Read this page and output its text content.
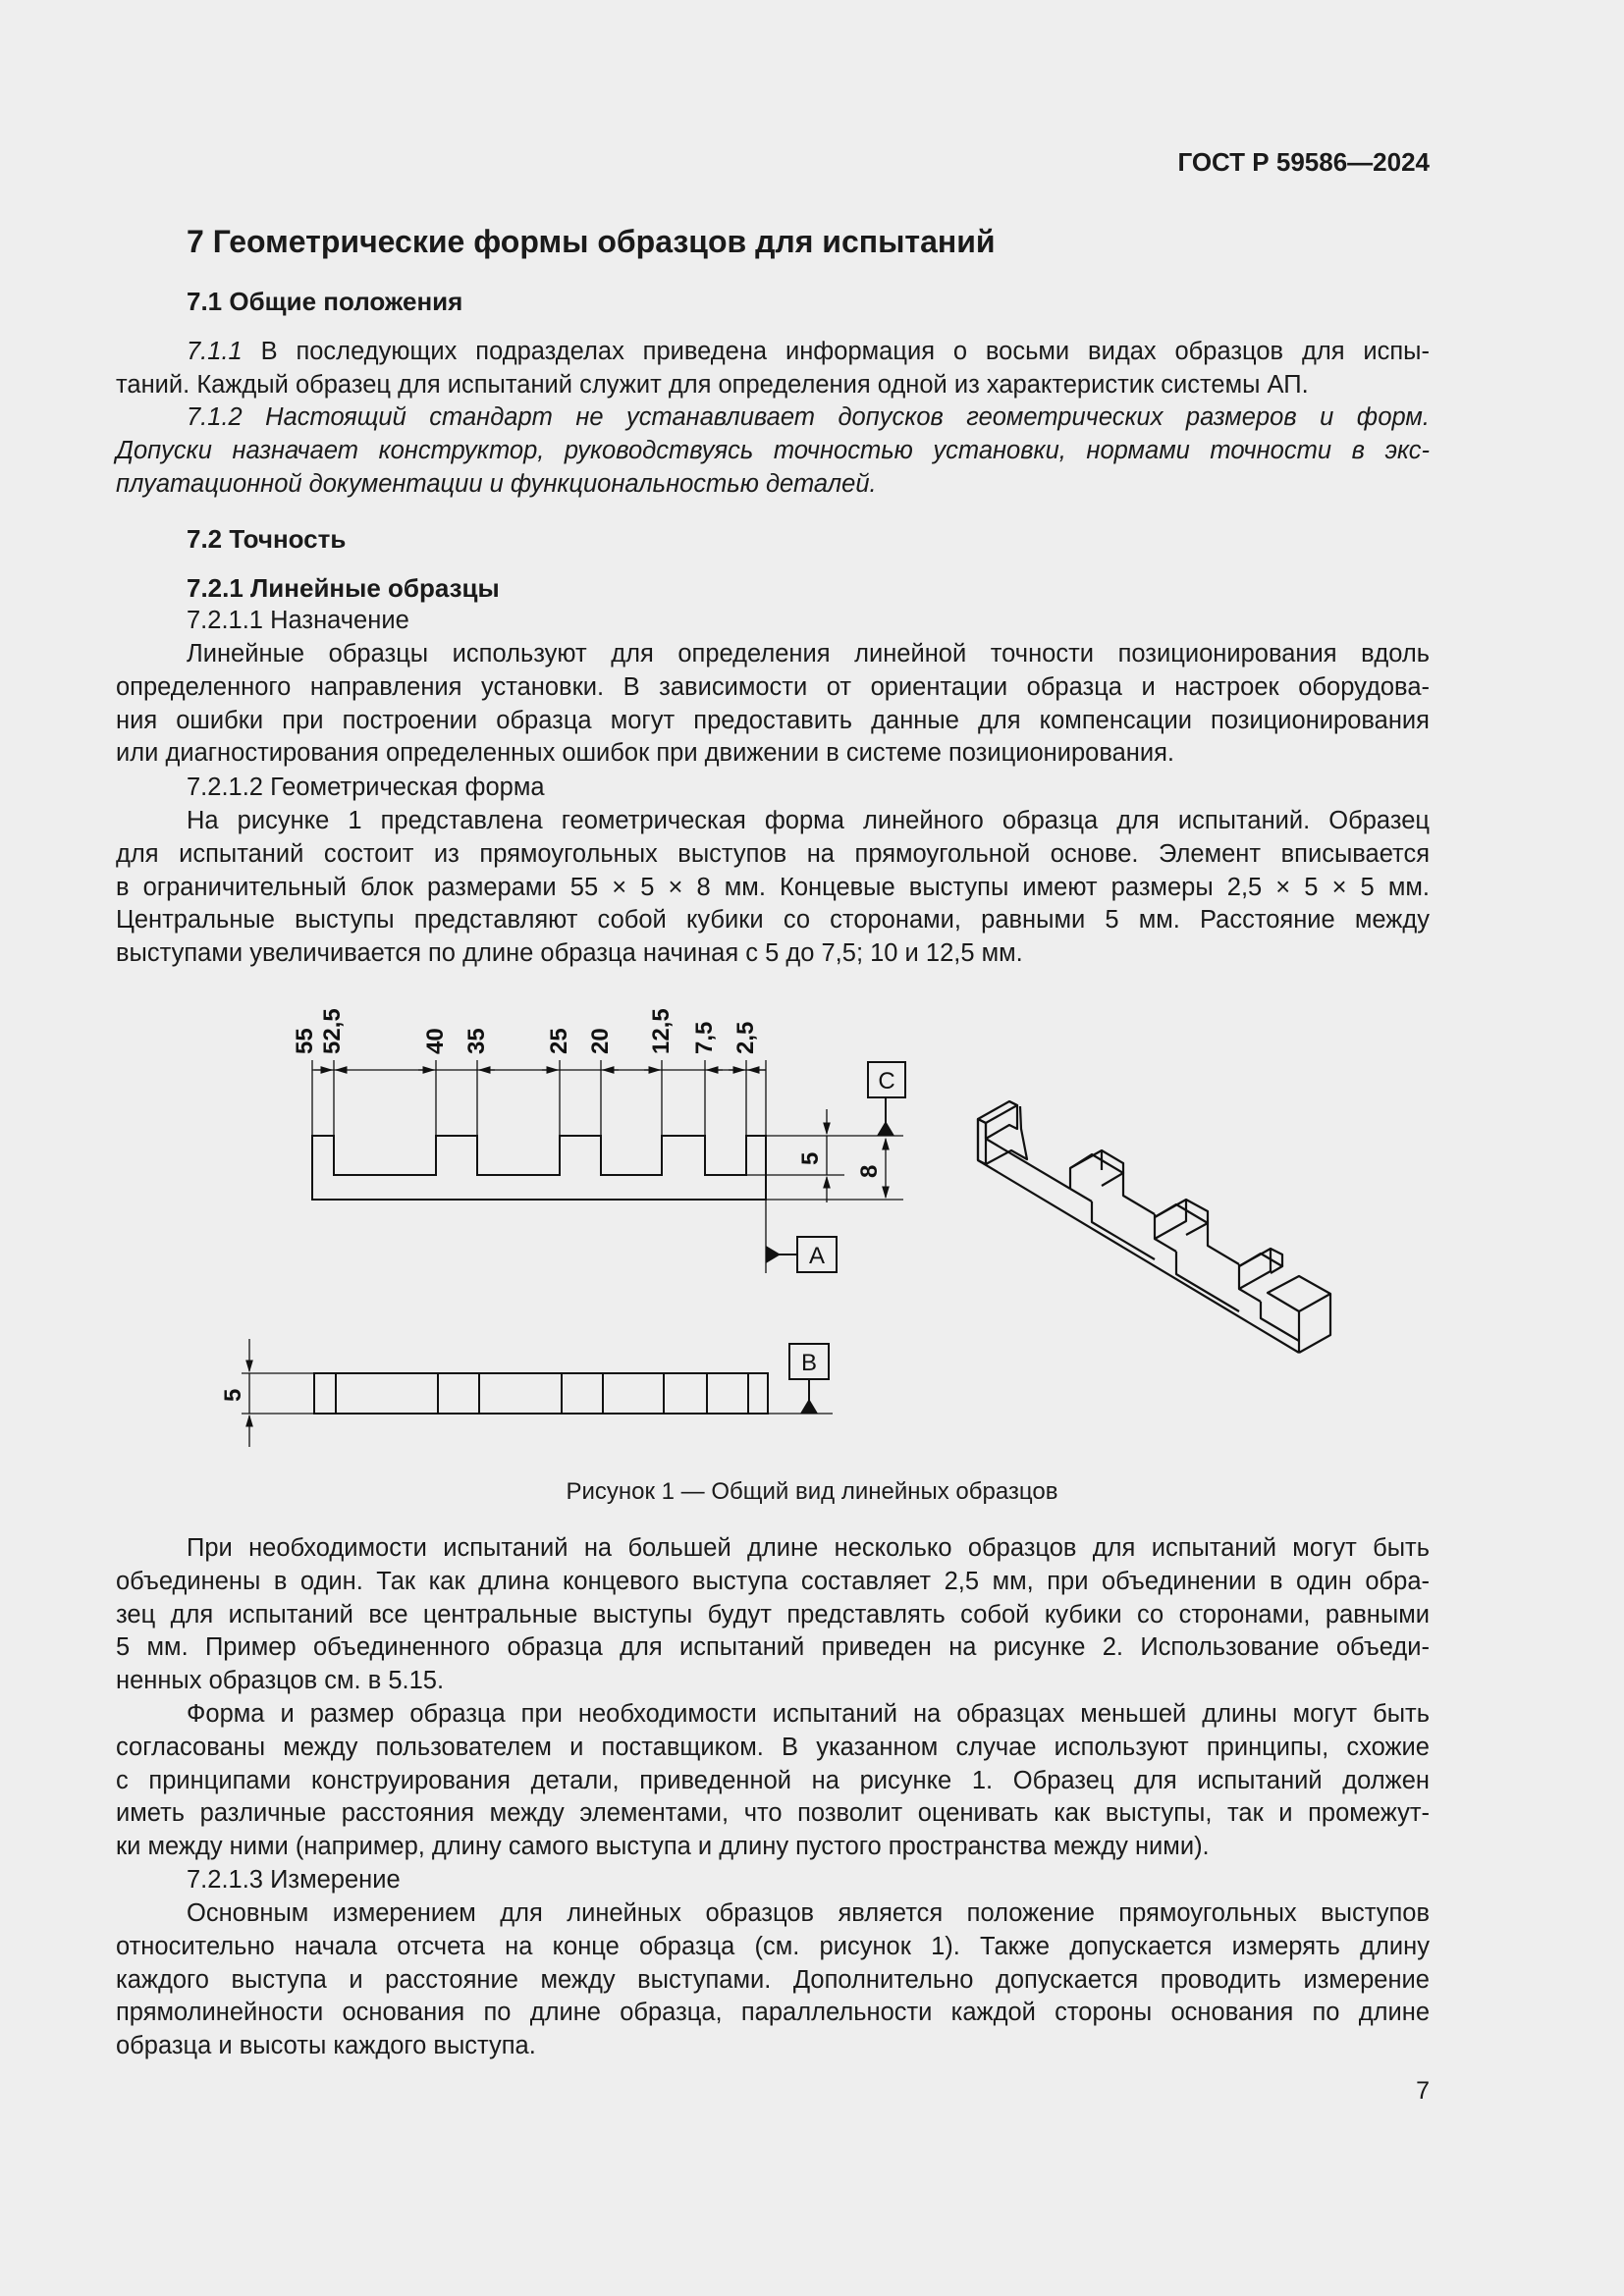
ГОСТ Р 59586—2024
7 Геометрические формы образцов для испытаний
7.1 Общие положения
7.1.1 В последующих подразделах приведена информация о восьми видах образцов для испы-
таний. Каждый образец для испытаний служит для определения одной из характеристик системы АП.
7.1.2 Настоящий стандарт не устанавливает допусков геометрических размеров и форм.
Допуски назначает конструктор, руководствуясь точностью установки, нормами точности в экс-
плуатационной документации и функциональностью деталей.
7.2 Точность
7.2.1 Линейные образцы
7.2.1.1 Назначение
Линейные образцы используют для определения линейной точности позиционирования вдоль
определенного направления установки. В зависимости от ориентации образца и настроек оборудова-
ния ошибки при построении образца могут предоставить данные для компенсации позиционирования
или диагностирования определенных ошибок при движении в системе позиционирования.
7.2.1.2 Геометрическая форма
На рисунке 1 представлена геометрическая форма линейного образца для испытаний. Образец
для испытаний состоит из прямоугольных выступов на прямоугольной основе. Элемент вписывается
в ограничительный блок размерами 55 × 5 × 8 мм. Концевые выступы имеют размеры 2,5 × 5 × 5 мм.
Центральные выступы представляют собой кубики со сторонами, равными 5 мм. Расстояние между
выступами увеличивается по длине образца начиная с 5 до 7,5; 10 и 12,5 мм.
55 52,5	40 35 25 20 12,5 7,5 2,5
5
8
5
C
A
B
Рисунок 1 — Общий вид линейных образцов
При необходимости испытаний на большей длине несколько образцов для испытаний могут быть
объединены в один. Так как длина концевого выступа составляет 2,5 мм, при объединении в один обра-
зец для испытаний все центральные выступы будут представлять собой кубики со сторонами, равными
5 мм. Пример объединенного образца для испытаний приведен на рисунке 2. Использование объеди-
ненных образцов см. в 5.15.
Форма и размер образца при необходимости испытаний на образцах меньшей длины могут быть
согласованы между пользователем и поставщиком. В указанном случае используют принципы, схожие
с принципами конструирования детали, приведенной на рисунке 1. Образец для испытаний должен
иметь различные расстояния между элементами, что позволит оценивать как выступы, так и промежут-
ки между ними (например, длину самого выступа и длину пустого пространства между ними).
7.2.1.3 Измерение
Основным измерением для линейных образцов является положение прямоугольных выступов
относительно начала отсчета на конце образца (см. рисунок 1). Также допускается измерять длину
каждого выступа и расстояние между выступами. Дополнительно допускается проводить измерение
прямолинейности основания по длине образца, параллельности каждой стороны основания по длине
образца и высоты каждого выступа.
7
